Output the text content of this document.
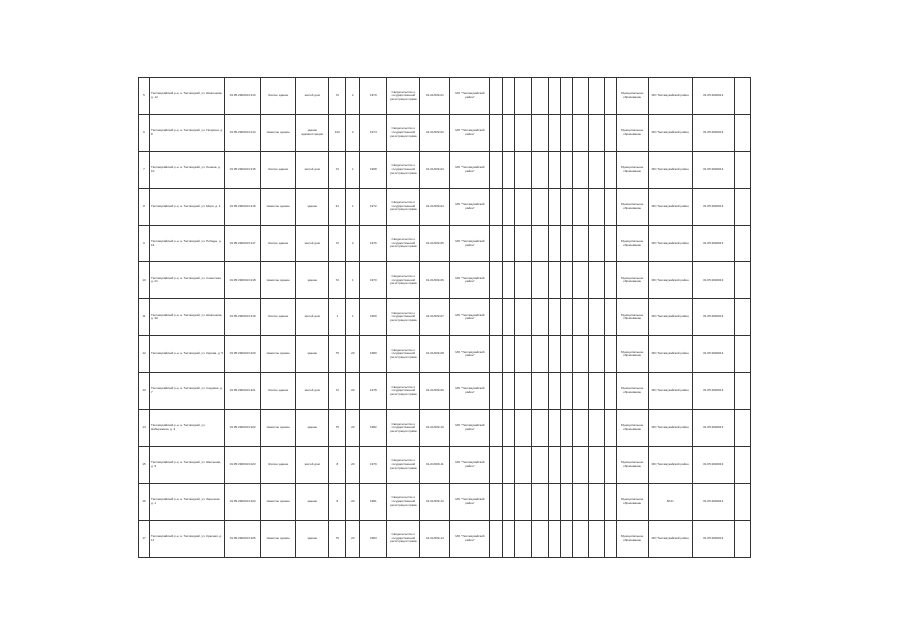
5	Тахтамукайский р-н, а. Тахтамукай, ул. Шовгенова, д. 12	01:05:2900013:213	Жилое здание	жилой дом	72	2	1970	Свидетельство о государственной регистрации права	01-01/009-01	МО "Тахтамукайский район"										Муниципальное образование	МО Тахтамукайский район	01:05:2900013	
6	Тахтамукайский р-н, а. Тахтамукай, ул. Гагарина, д. 8	01:05:2900013:214	Нежилое здание	здание администрации	120	2	1974	Свидетельство о государственной регистрации права	01-01/009-02	МО "Тахтамукайский район"										Муниципальное образование	МО Тахтамукайский район	01:05:2900013	
7	Тахтамукайский р-н, а. Тахтамукай, ул. Ленина, д. 10	01:05:2900013:215	Жилое здание	жилой дом	72	1	1968	Свидетельство о государственной регистрации права	01-01/009-03	МО "Тахтамукайский район"										Муниципальное образование	МО Тахтамукайский район	01:05:2900013	
8	Тахтамукайский р-н, а. Тахтамукай, ул. Мира, д. 4	01:05:2900013:216	Нежилое здание	здание	31	1	1972	Свидетельство о государственной регистрации права	01-01/009-04	МО "Тахтамукайский район"										Муниципальное образование	МО Тахтамукайский район	01:05:2900013	
9	Тахтамукайский р-н, а. Тахтамукай, ул. Победы, д. 16	01:05:2900013:217	Жилое здание	жилой дом	72	2	1976	Свидетельство о государственной регистрации права	01-01/009-05	МО "Тахтамукайский район"										Муниципальное образование	МО Тахтамукайский район	01:05:2900013	
10	Тахтамукайский р-н, а. Тахтамукай, ул. Советская, д. 21	01:05:2900013:218	Нежилое здание	здание	72	1	1970	Свидетельство о государственной регистрации права	01-01/009-06	МО "Тахтамукайский район"										Муниципальное образование	МО Тахтамукайский район	01:05:2900013	
11	Тахтамукайский р-н, а. Тахтамукай, ул. Шовгенова, д. 30	01:05:2900013:219	Жилое здание	жилой дом	1	1	1969	Свидетельство о государственной регистрации права	01-01/009-07	МО "Тахтамукайский район"										Муниципальное образование	МО Тахтамукайский район	01:05:2900013	
12	Тахтамукайский р-н, а. Тахтамукай, ул. Кирова, д. 5	01:05:2900013:220	Нежилое здание	здание	75	20	1980	Свидетельство о государственной регистрации права	01-01/009-08	МО "Тахтамукайский район"										Муниципальное образование	МО Тахтамукайский район	01:05:2900013	
13	Тахтамукайский р-н, а. Тахтамукай, ул. Садовая, д. 7	01:05:2900013:221	Жилое здание	жилой дом	72	20	1978	Свидетельство о государственной регистрации права	01-01/009-09	МО "Тахтамукайский район"										Муниципальное образование	МО Тахтамукайский район	01:05:2900013	
14	Тахтамукайский р-н, а. Тахтамукай, ул. Набережная, д. 3	01:05:2900013:222	Нежилое здание	здание	75	20	1982	Свидетельство о государственной регистрации права	01-01/009-10	МО "Тахтамукайский район"										Муниципальное образование	МО Тахтамукайский район	01:05:2900013	
15	Тахтамукайский р-н, а. Тахтамукай, ул. Школьная, д. 9	01:05:2900013:223	Жилое здание	жилой дом	8	20	1979	Свидетельство о государственной регистрации права	01-01/009-11	МО "Тахтамукайский район"										Муниципальное образование	МО Тахтамукайский район	01:05:2900013	
16	Тахтамукайский р-н, а. Тахтамукай, ул. Заречная, д. 1	01:05:2900013:224	Нежилое здание	здание	8	20	1981	Свидетельство о государственной регистрации права	01-01/009-12	МО "Тахтамукайский район"										Муниципальное образование	МЧС	01:05:2900013	
17	Тахтамукайский р-н, а. Тахтамукай, ул. Красная, д. 11	01:05:2900013:225	Нежилое здание	здание	75	20	1983	Свидетельство о государственной регистрации права	01-01/009-13	МО "Тахтамукайский район"										Муниципальное образование	МО Тахтамукайский район	01:05:2900013	
